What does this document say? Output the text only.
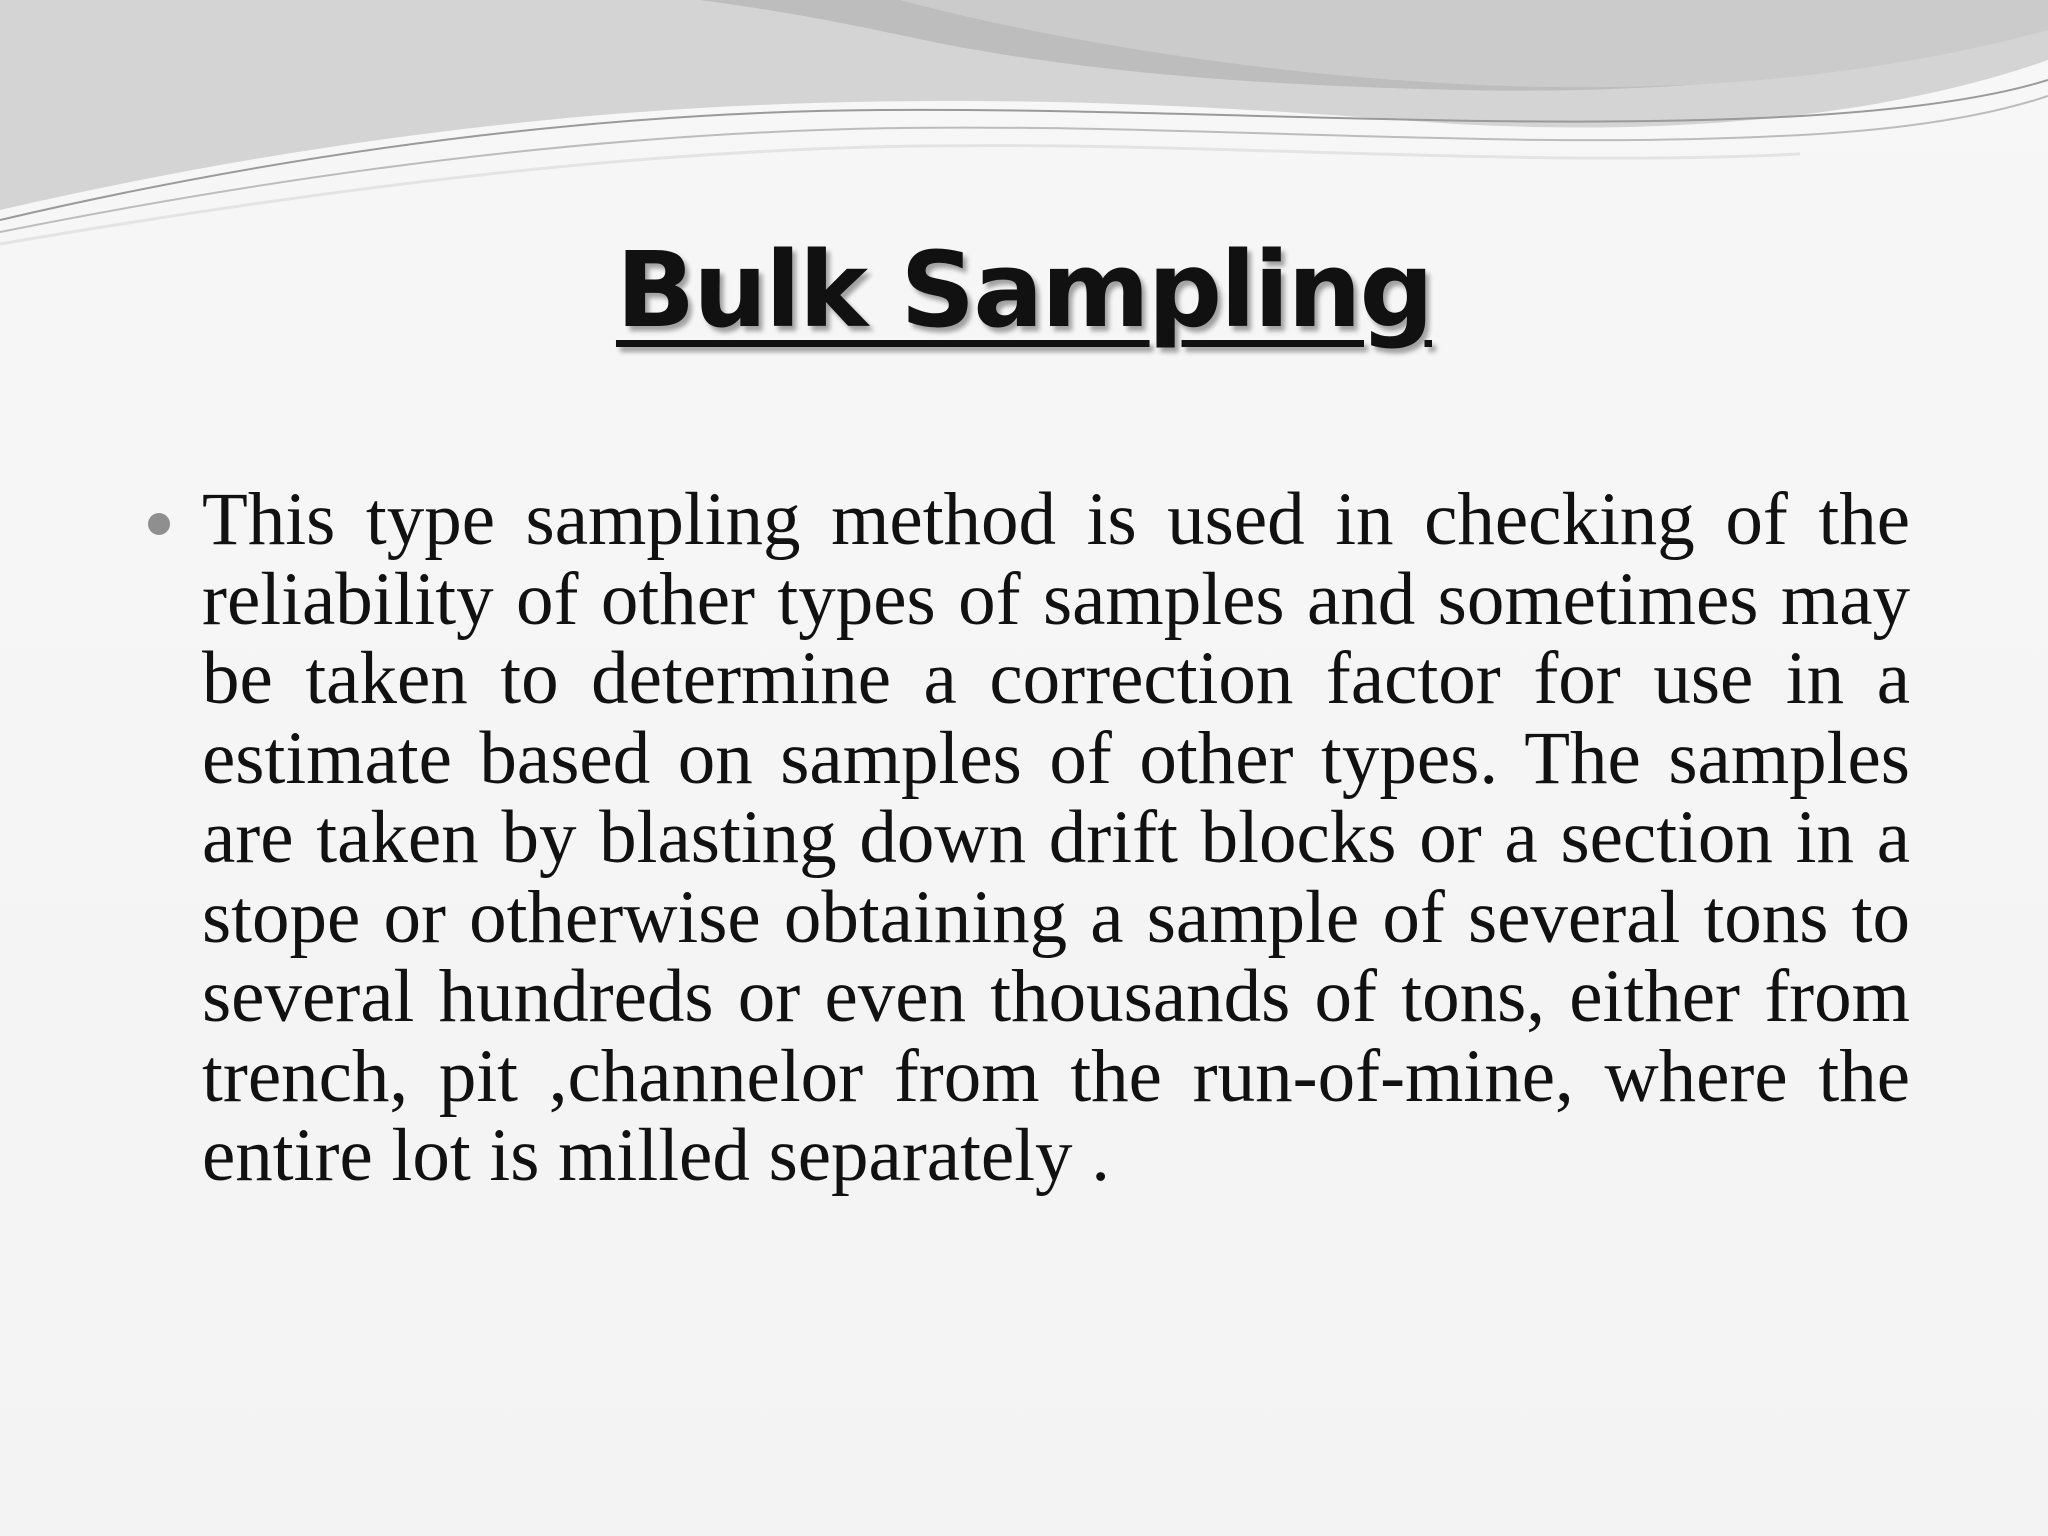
Bulk Sampling

This type sampling method is used in checking of the reliability of other types of samples and sometimes may be taken to determine a correction factor for use in a estimate based on samples of other types. The samples are taken by blasting down drift blocks or a section in a stope or otherwise obtaining a sample of several tons to several hundreds or even thousands of tons, either from trench, pit ,channelor from the run-of-mine, where the entire lot is milled separately .
